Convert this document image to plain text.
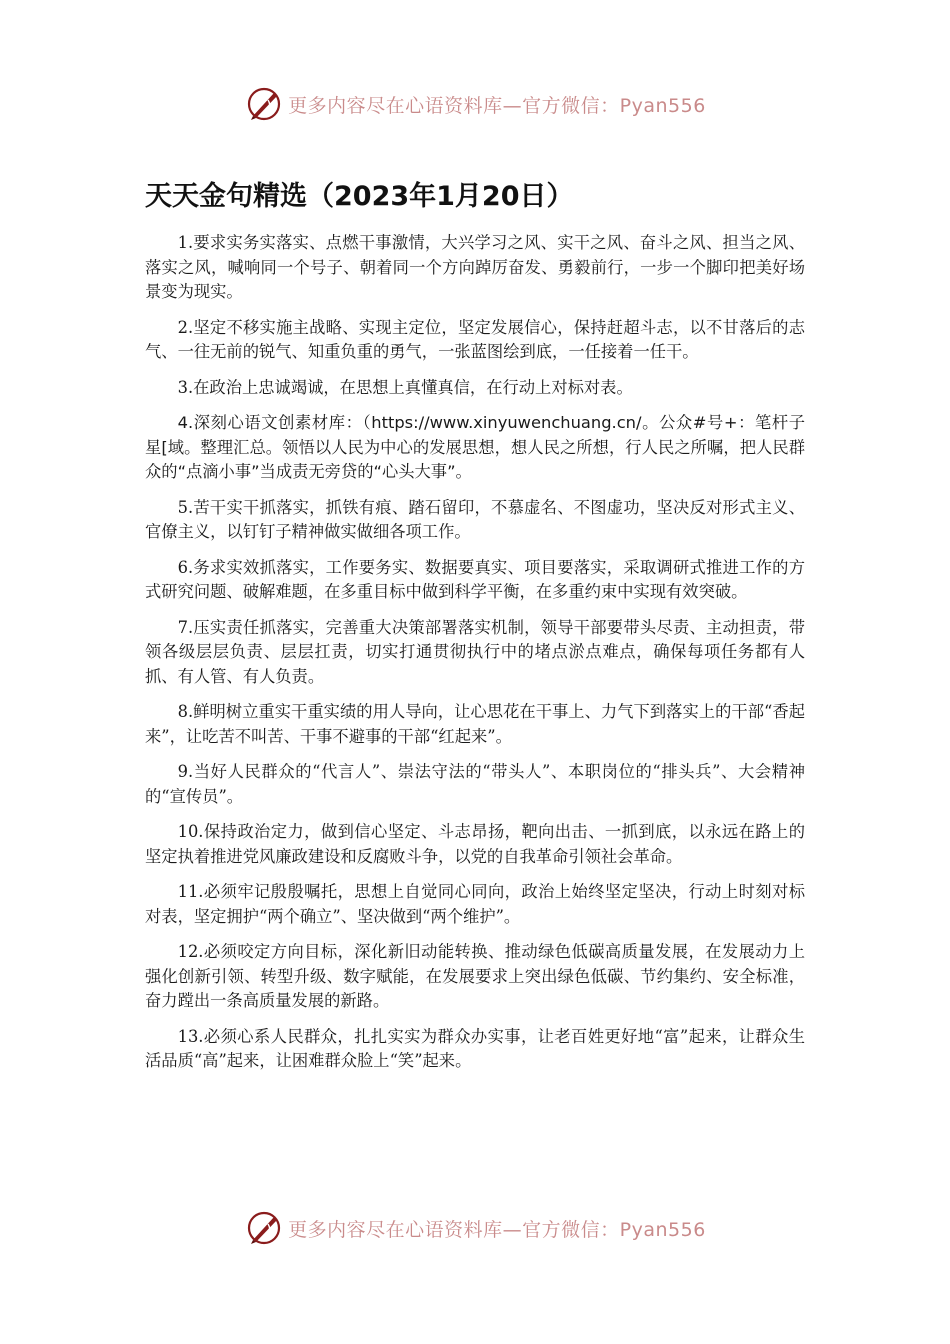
更多内容尽在心语资料库—官方微信：Pyan556
天天金句精选（2023年1月20日）

1.要求实务实落实、点燃干事激情，大兴学习之风、实干之风、奋斗之风、担当之风、落实之风，喊响同一个号子、朝着同一个方向踔厉奋发、勇毅前行，一步一个脚印把美好场景变为现实。

2.坚定不移实施主战略、实现主定位，坚定发展信心，保持赶超斗志，以不甘落后的志气、一往无前的锐气、知重负重的勇气，一张蓝图绘到底，一任接着一任干。

3.在政治上忠诚竭诚，在思想上真懂真信，在行动上对标对表。

4.深刻心语文创素材库：（https://www.xinyuwenchuang.cn/。公众#号+：笔杆子星[域。整理汇总。领悟以人民为中心的发展思想，想人民之所想，行人民之所嘱，把人民群众的“点滴小事”当成责无旁贷的“心头大事”。

5.苦干实干抓落实，抓铁有痕、踏石留印，不慕虚名、不图虚功，坚决反对形式主义、官僚主义，以钉钉子精神做实做细各项工作。

6.务求实效抓落实，工作要务实、数据要真实、项目要落实，采取调研式推进工作的方式研究问题、破解难题，在多重目标中做到科学平衡，在多重约束中实现有效突破。

7.压实责任抓落实，完善重大决策部署落实机制，领导干部要带头尽责、主动担责，带领各级层层负责、层层扛责，切实打通贯彻执行中的堵点淤点难点，确保每项任务都有人抓、有人管、有人负责。

8.鲜明树立重实干重实绩的用人导向，让心思花在干事上、力气下到落实上的干部“香起来”，让吃苦不叫苦、干事不避事的干部“红起来”。

9.当好人民群众的“代言人”、崇法守法的“带头人”、本职岗位的“排头兵”、大会精神的“宣传员”。

10.保持政治定力，做到信心坚定、斗志昂扬，靶向出击、一抓到底，以永远在路上的坚定执着推进党风廉政建设和反腐败斗争，以党的自我革命引领社会革命。

11.必须牢记殷殷嘱托，思想上自觉同心同向，政治上始终坚定坚决，行动上时刻对标对表，坚定拥护“两个确立”、坚决做到“两个维护”。

12.必须咬定方向目标，深化新旧动能转换、推动绿色低碳高质量发展，在发展动力上强化创新引领、转型升级、数字赋能，在发展要求上突出绿色低碳、节约集约、安全标准，奋力蹚出一条高质量发展的新路。

13.必须心系人民群众，扎扎实实为群众办实事，让老百姓更好地“富”起来，让群众生活品质“高”起来，让困难群众脸上“笑”起来。

更多内容尽在心语资料库—官方微信：Pyan556
